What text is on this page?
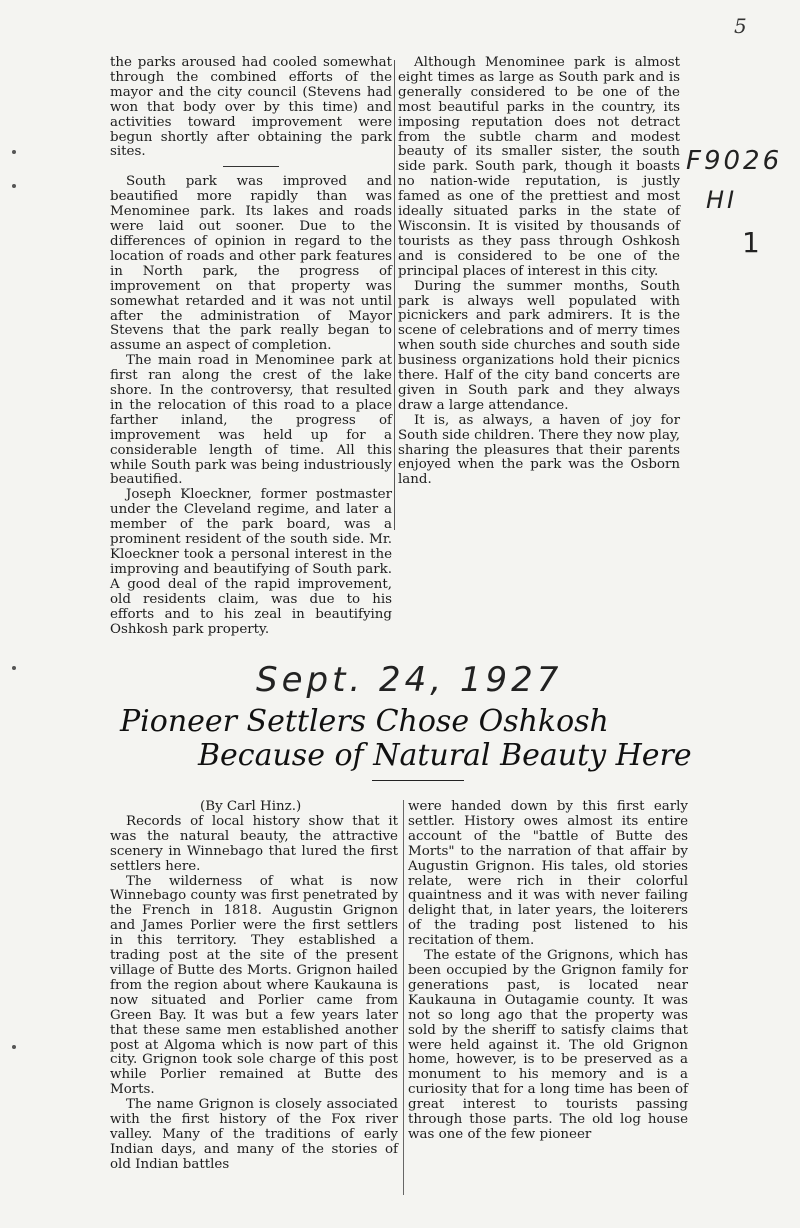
5
F9026
HI
1

the parks aroused had cooled somewhat through the combined efforts of the mayor and the city council (Stevens had won that body over by this time) and activities toward improvement were begun shortly after obtaining the park sites.

South park was improved and beautified more rapidly than was Menominee park. Its lakes and roads were laid out sooner. Due to the differences of opinion in regard to the location of roads and other park features in North park, the progress of improvement on that property was somewhat retarded and it was not until after the administration of Mayor Stevens that the park really began to assume an aspect of completion.

The main road in Menominee park at first ran along the crest of the lake shore. In the controversy, that resulted in the relocation of this road to a place farther inland, the progress of improvement was held up for a considerable length of time. All this while South park was being industriously beautified.

Joseph Kloeckner, former postmaster under the Cleveland regime, and later a member of the park board, was a prominent resident of the south side. Mr. Kloeckner took a personal interest in the improving and beautifying of South park. A good deal of the rapid improvement, old residents claim, was due to his efforts and to his zeal in beautifying Oshkosh park property.

Although Menominee park is almost eight times as large as South park and is generally considered to be one of the most beautiful parks in the country, its imposing reputation does not detract from the subtle charm and modest beauty of its smaller sister, the south side park. South park, though it boasts no nation-wide reputation, is justly famed as one of the prettiest and most ideally situated parks in the state of Wisconsin. It is visited by thousands of tourists as they pass through Oshkosh and is considered to be one of the principal places of interest in this city.

During the summer months, South park is always well populated with picnickers and park admirers. It is the scene of celebrations and of merry times when south side churches and south side business organizations hold their picnics there. Half of the city band concerts are given in South park and they always draw a large attendance.

It is, as always, a haven of joy for South side children. There they now play, sharing the pleasures that their parents enjoyed when the park was the Osborn land.

Sept. 24, 1927
Pioneer Settlers Chose Oshkosh
Because of Natural Beauty Here

(By Carl Hinz.)

Records of local history show that it was the natural beauty, the attractive scenery in Winnebago that lured the first settlers here.

The wilderness of what is now Winnebago county was first penetrated by the French in 1818. Augustin Grignon and James Porlier were the first settlers in this territory. They established a trading post at the site of the present village of Butte des Morts. Grignon hailed from the region about where Kaukauna is now situated and Porlier came from Green Bay. It was but a few years later that these same men established another post at Algoma which is now part of this city. Grignon took sole charge of this post while Porlier remained at Butte des Morts.

The name Grignon is closely associated with the first history of the Fox river valley. Many of the traditions of early Indian days, and many of the stories of old Indian battles

were handed down by this first early settler. History owes almost its entire account of the "battle of Butte des Morts" to the narration of that affair by Augustin Grignon. His tales, old stories relate, were rich in their colorful quaintness and it was with never failing delight that, in later years, the loiterers of the trading post listened to his recitation of them.

The estate of the Grignons, which has been occupied by the Grignon family for generations past, is located near Kaukauna in Outagamie county. It was not so long ago that the property was sold by the sheriff to satisfy claims that were held against it. The old Grignon home, however, is to be preserved as a monument to his memory and is a curiosity that for a long time has been of great interest to tourists passing through those parts. The old log house was one of the few pioneer
